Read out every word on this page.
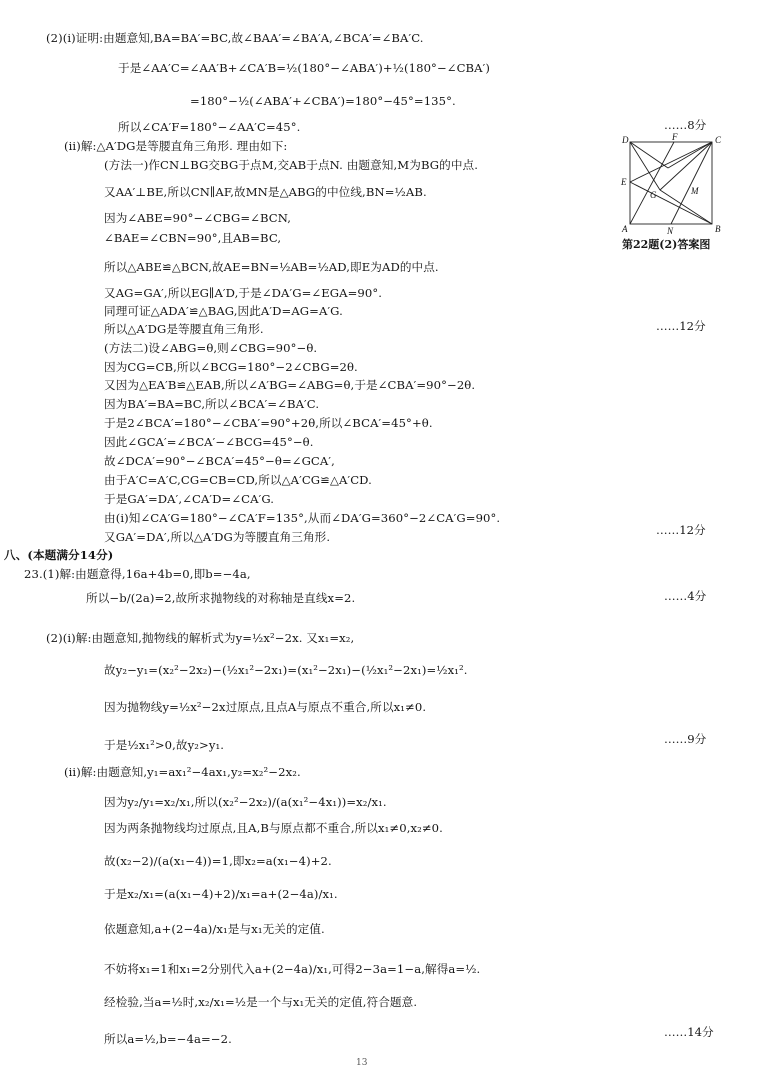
(2)(i)证明:由题意知,BA=BA′=BC,故∠BAA′=∠BA′A,∠BCA′=∠BA′C.
于是∠AA′C=∠AA′B+∠CA′B=½(180°−∠ABA′)+½(180°−∠CBA′)
=180°−½(∠ABA′+∠CBA′)=180°−45°=135°.
所以∠CA′F=180°−∠AA′C=45°.	……8分
(ii)解:△A′DG是等腰直角三角形. 理由如下:
(方法一)作CN⊥BG交BG于点M,交AB于点N. 由题意知,M为BG的中点.
又AA′⊥BE,所以CN∥AF,故MN是△ABG的中位线,BN=½AB.
因为∠ABE=90°−∠CBG=∠BCN,
∠BAE=∠CBN=90°,且AB=BC,
所以△ABE≌△BCN,故AE=BN=½AB=½AD,即E为AD的中点.
又AG=GA′,所以EG∥A′D,于是∠DA′G=∠EGA=90°.
同理可证△ADA′≌△BAG,因此A′D=AG=A′G.
所以△A′DG是等腰直角三角形.	……12分
(方法二)设∠ABG=θ,则∠CBG=90°−θ.
因为CG=CB,所以∠BCG=180°−2∠CBG=2θ.
又因为△EA′B≌△EAB,所以∠A′BG=∠ABG=θ,于是∠CBA′=90°−2θ.
因为BA′=BA=BC,所以∠BCA′=∠BA′C.
于是2∠BCA′=180°−∠CBA′=90°+2θ,所以∠BCA′=45°+θ.
因此∠GCA′=∠BCA′−∠BCG=45°−θ.
故∠DCA′=90°−∠BCA′=45°−θ=∠GCA′,
由于A′C=A′C,CG=CB=CD,所以△A′CG≌△A′CD.
于是GA′=DA′,∠CA′D=∠CA′G.
由(i)知∠CA′G=180°−∠CA′F=135°,从而∠DA′G=360°−2∠CA′G=90°.
又GA′=DA′,所以△A′DG为等腰直角三角形.	……12分
八、(本题满分14分)
23.(1)解:由题意得,16a+4b=0,即b=−4a,
所以−b/(2a)=2,故所求抛物线的对称轴是直线x=2.	……4分
(2)(i)解:由题意知,抛物线的解析式为y=½x²−2x. 又x₁=x₂,
故y₂−y₁=(x₂²−2x₂)−(½x₁²−2x₁)=(x₁²−2x₁)−(½x₁²−2x₁)=½x₁².
因为抛物线y=½x²−2x过原点,且点A与原点不重合,所以x₁≠0.
于是½x₁²>0,故y₂>y₁.	……9分
(ii)解:由题意知,y₁=ax₁²−4ax₁,y₂=x₂²−2x₂.
因为y₂/y₁=x₂/x₁,所以(x₂²−2x₂)/(a(x₁²−4x₁))=x₂/x₁.
因为两条抛物线均过原点,且A,B与原点都不重合,所以x₁≠0,x₂≠0.
故(x₂−2)/(a(x₁−4))=1,即x₂=a(x₁−4)+2.
于是x₂/x₁=(a(x₁−4)+2)/x₁=a+(2−4a)/x₁.
依题意知,a+(2−4a)/x₁是与x₁无关的定值.
不妨将x₁=1和x₁=2分别代入a+(2−4a)/x₁,可得2−3a=1−a,解得a=½.
经检验,当a=½时,x₂/x₁=½是一个与x₁无关的定值,符合题意.
所以a=½,b=−4a=−2.	……14分
D	F	C
E
G	M
A	N	B
第22题(2)答案图
13
